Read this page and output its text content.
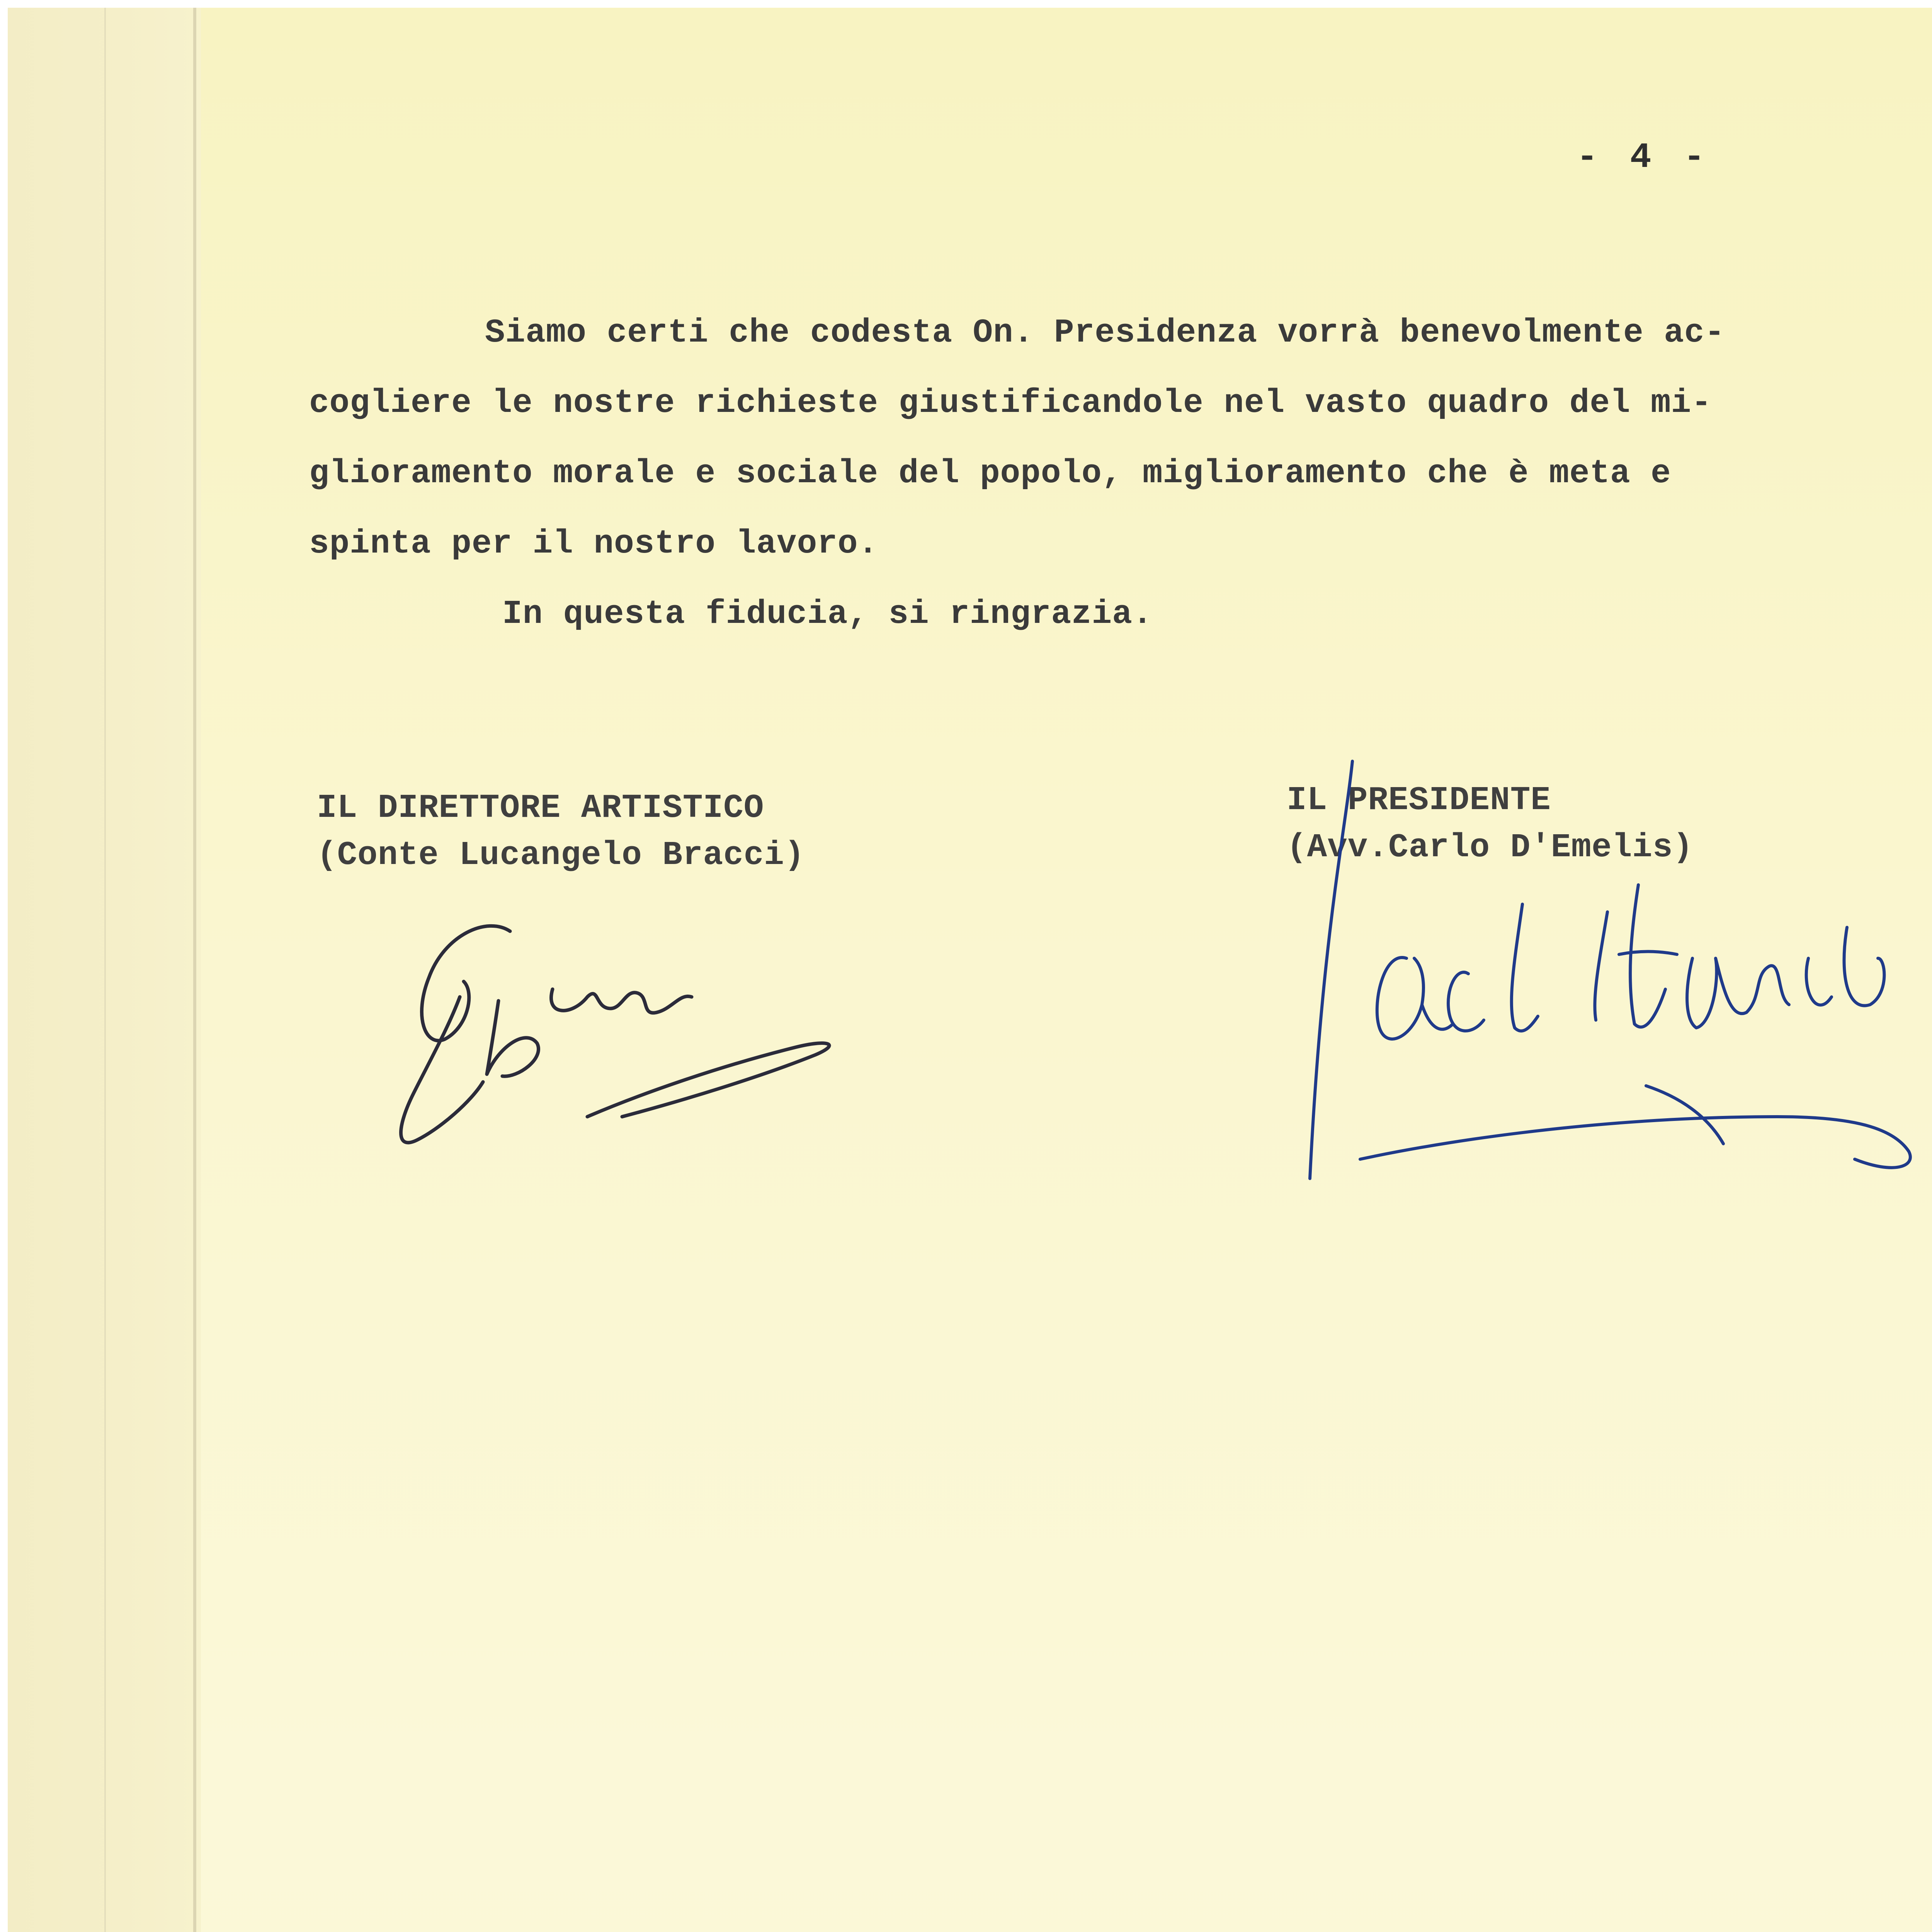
- 4 -

Siamo certi che codesta On. Presidenza vorrà benevolmente ac-

cogliere le nostre richieste giustificandole nel vasto quadro del mi-

glioramento morale e sociale del popolo, miglioramento che è meta e

spinta per il nostro lavoro.

In questa fiducia, si ringrazia.

IL DIRETTORE ARTISTICO
(Conte Lucangelo Bracci)
IL PRESIDENTE
(Avv.Carlo D'Emelis)
